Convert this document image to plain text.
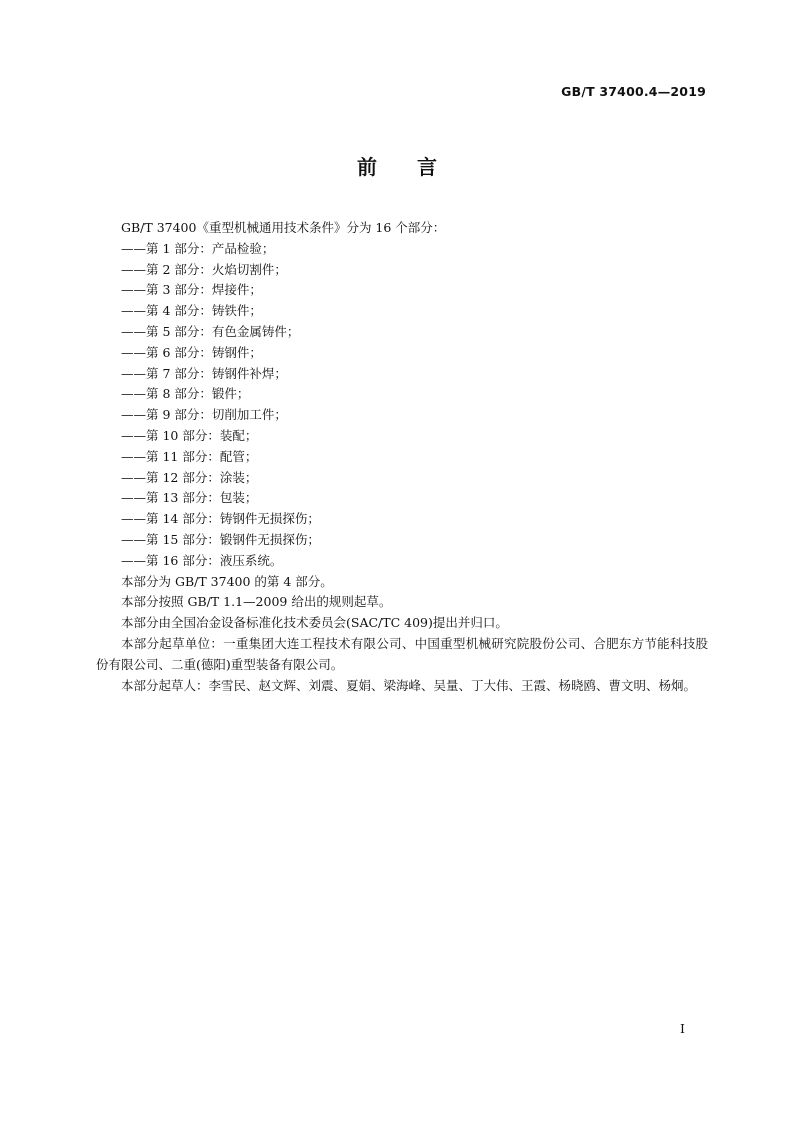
GB/T 37400.4—2019
前言

GB/T 37400《重型机械通用技术条件》分为 16 个部分：

——第 1 部分：产品检验；
——第 2 部分：火焰切割件；
——第 3 部分：焊接件；
——第 4 部分：铸铁件；
——第 5 部分：有色金属铸件；
——第 6 部分：铸钢件；
——第 7 部分：铸钢件补焊；
——第 8 部分：锻件；
——第 9 部分：切削加工件；
——第 10 部分：装配；
——第 11 部分：配管；
——第 12 部分：涂装；
——第 13 部分：包装；
——第 14 部分：铸钢件无损探伤；
——第 15 部分：锻钢件无损探伤；
——第 16 部分：液压系统。

本部分为 GB/T 37400 的第 4 部分。

本部分按照 GB/T 1.1—2009 给出的规则起草。

本部分由全国冶金设备标准化技术委员会(SAC/TC 409)提出并归口。

本部分起草单位：一重集团大连工程技术有限公司、中国重型机械研究院股份公司、合肥东方节能科技股份有限公司、二重(德阳)重型装备有限公司。

本部分起草人：李雪民、赵文辉、刘震、夏娟、梁海峰、吴量、丁大伟、王霞、杨晓鸥、曹文明、杨炯。

I
